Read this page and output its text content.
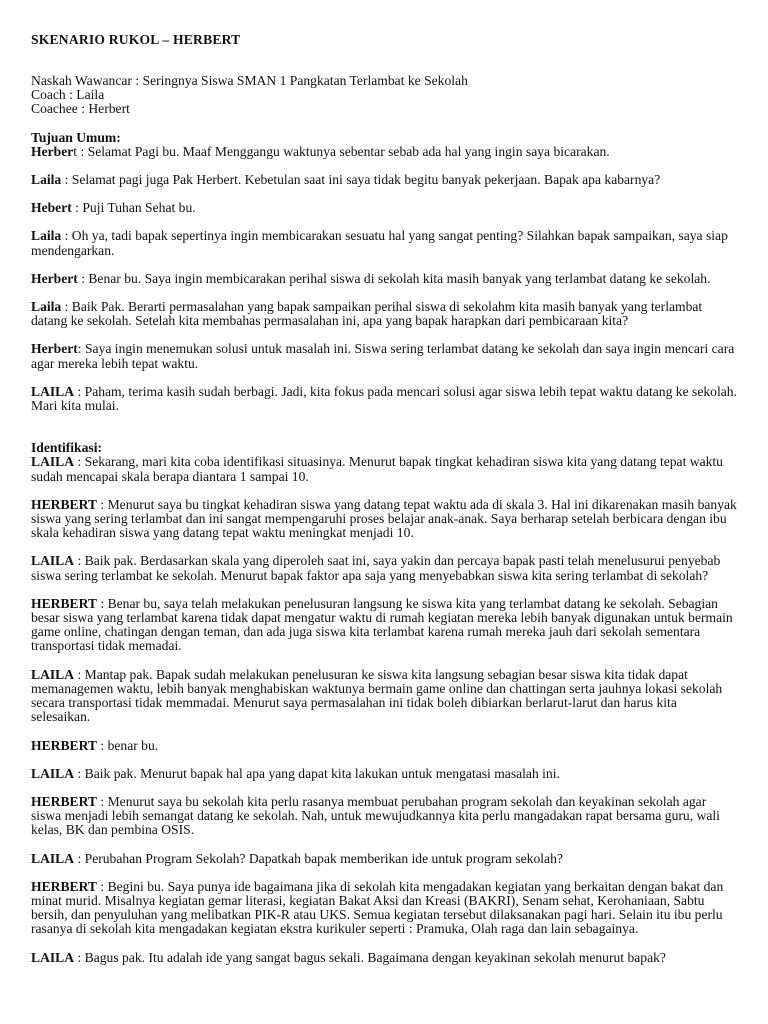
SKENARIO RUKOL – HERBERT
Naskah Wawancar : Seringnya Siswa SMAN 1 Pangkatan Terlambat ke Sekolah
Coach : Laila
Coachee : Herbert
Tujuan Umum:

Herbert : Selamat Pagi bu. Maaf Menggangu waktunya sebentar sebab ada hal yang ingin saya bicarakan.

Laila : Selamat pagi juga Pak Herbert. Kebetulan saat ini saya tidak begitu banyak pekerjaan. Bapak apa kabarnya?

Hebert : Puji Tuhan Sehat bu.

Laila : Oh ya, tadi bapak sepertinya ingin membicarakan sesuatu hal yang sangat penting? Silahkan bapak sampaikan, saya siap mendengarkan.

Herbert : Benar bu. Saya ingin membicarakan perihal siswa di sekolah kita masih banyak yang terlambat datang ke sekolah.

Laila : Baik Pak. Berarti permasalahan yang bapak sampaikan perihal siswa di sekolahm kita masih banyak yang terlambat datang ke sekolah. Setelah kita membahas permasalahan ini, apa yang bapak harapkan dari pembicaraan kita?

Herbert: Saya ingin menemukan solusi untuk masalah ini. Siswa sering terlambat datang ke sekolah dan saya ingin mencari cara agar mereka lebih tepat waktu.

LAILA : Paham, terima kasih sudah berbagi. Jadi, kita fokus pada mencari solusi agar siswa lebih tepat waktu datang ke sekolah. Mari kita mulai.

Identifikasi:

LAILA : Sekarang, mari kita coba identifikasi situasinya. Menurut bapak tingkat kehadiran siswa kita yang datang tepat waktu sudah mencapai skala berapa diantara 1 sampai 10.

HERBERT : Menurut saya bu tingkat kehadiran siswa yang datang tepat waktu ada di skala 3. Hal ini dikarenakan masih banyak siswa yang sering terlambat dan ini sangat mempengaruhi proses belajar anak-anak. Saya berharap setelah berbicara dengan ibu skala kehadiran siswa yang datang tepat waktu meningkat menjadi 10.

LAILA : Baik pak. Berdasarkan skala yang diperoleh saat ini, saya yakin dan percaya bapak pasti telah menelusurui penyebab siswa sering terlambat ke sekolah. Menurut bapak faktor apa saja yang menyebabkan siswa kita sering terlambat di sekolah?

HERBERT : Benar bu, saya telah melakukan penelusuran langsung ke siswa kita yang terlambat datang ke sekolah. Sebagian besar siswa yang terlambat karena tidak dapat mengatur waktu di rumah kegiatan mereka lebih banyak digunakan untuk bermain game online, chatingan dengan teman, dan ada juga siswa kita terlambat karena rumah mereka jauh dari sekolah sementara transportasi tidak memadai.

LAILA : Mantap pak. Bapak sudah melakukan penelusuran ke siswa kita langsung sebagian besar siswa kita tidak dapat memanagemen waktu, lebih banyak menghabiskan waktunya bermain game online dan chattingan serta jauhnya lokasi sekolah secara transportasi tidak memmadai. Menurut saya permasalahan ini tidak boleh dibiarkan berlarut-larut dan harus kita selesaikan.

HERBERT : benar bu.

LAILA : Baik pak. Menurut bapak hal apa yang dapat kita lakukan untuk mengatasi masalah ini.

HERBERT : Menurut saya bu sekolah kita perlu rasanya membuat perubahan program sekolah dan keyakinan sekolah agar siswa menjadi lebih semangat datang ke sekolah. Nah, untuk mewujudkannya kita perlu mangadakan rapat bersama guru, wali kelas, BK dan pembina OSIS.

LAILA : Perubahan Program Sekolah? Dapatkah bapak memberikan ide untuk program sekolah?

HERBERT : Begini bu. Saya punya ide bagaimana jika di sekolah kita mengadakan kegiatan yang berkaitan dengan bakat dan minat murid. Misalnya kegiatan gemar literasi, kegiatan Bakat Aksi dan Kreasi (BAKRI), Senam sehat, Kerohaniaan, Sabtu bersih, dan penyuluhan yang melibatkan PIK-R atau UKS. Semua kegiatan tersebut dilaksanakan pagi hari. Selain itu ibu perlu rasanya di sekolah kita mengadakan kegiatan ekstra kurikuler seperti : Pramuka, Olah raga dan lain sebagainya.

LAILA : Bagus pak. Itu adalah ide yang sangat bagus sekali. Bagaimana dengan keyakinan sekolah menurut bapak?
